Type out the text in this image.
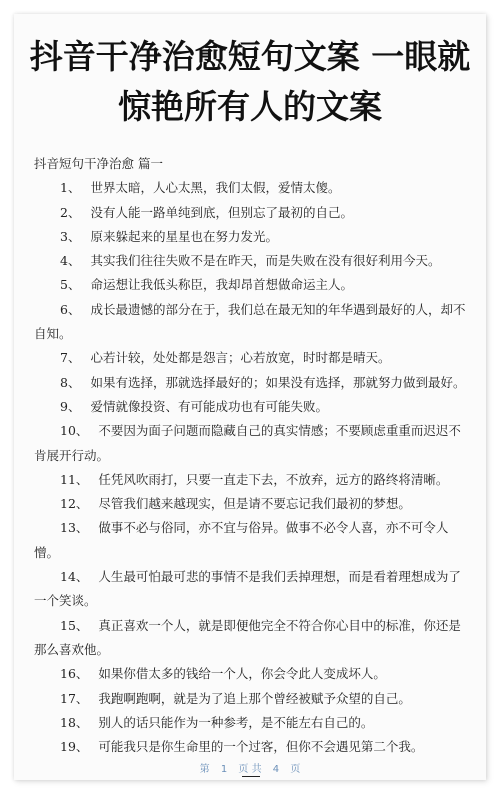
抖音干净治愈短句文案 一眼就
惊艳所有人的文案

抖音短句干净治愈 篇一

1、 世界太暗，人心太黑，我们太假，爱情太傻。

2、 没有人能一路单纯到底，但别忘了最初的自己。

3、 原来躲起来的星星也在努力发光。

4、 其实我们往往失败不是在昨天，而是失败在没有很好利用今天。

5、 命运想让我低头称臣，我却昂首想做命运主人。

6、 成长最遗憾的部分在于，我们总在最无知的年华遇到最好的人，却不自知。

7、 心若计较，处处都是怨言；心若放宽，时时都是晴天。

8、 如果有选择，那就选择最好的；如果没有选择，那就努力做到最好。

9、 爱情就像投资、有可能成功也有可能失败。

10、 不要因为面子问题而隐藏自己的真实情感；不要顾虑重重而迟迟不肯展开行动。

11、 任凭风吹雨打，只要一直走下去，不放弃，远方的路终将清晰。

12、 尽管我们越来越现实，但是请不要忘记我们最初的梦想。

13、 做事不必与俗同，亦不宜与俗异。做事不必令人喜，亦不可令人憎。

14、 人生最可怕最可悲的事情不是我们丢掉理想，而是看着理想成为了一个笑谈。

15、 真正喜欢一个人，就是即便他完全不符合你心目中的标准，你还是那么喜欢他。

16、 如果你借太多的钱给一个人，你会令此人变成坏人。

17、 我跑啊跑啊，就是为了追上那个曾经被赋予众望的自己。

18、 别人的话只能作为一种参考，是不能左右自己的。

19、 可能我只是你生命里的一个过客，但你不会遇见第二个我。

第 1 页 共 4 页
